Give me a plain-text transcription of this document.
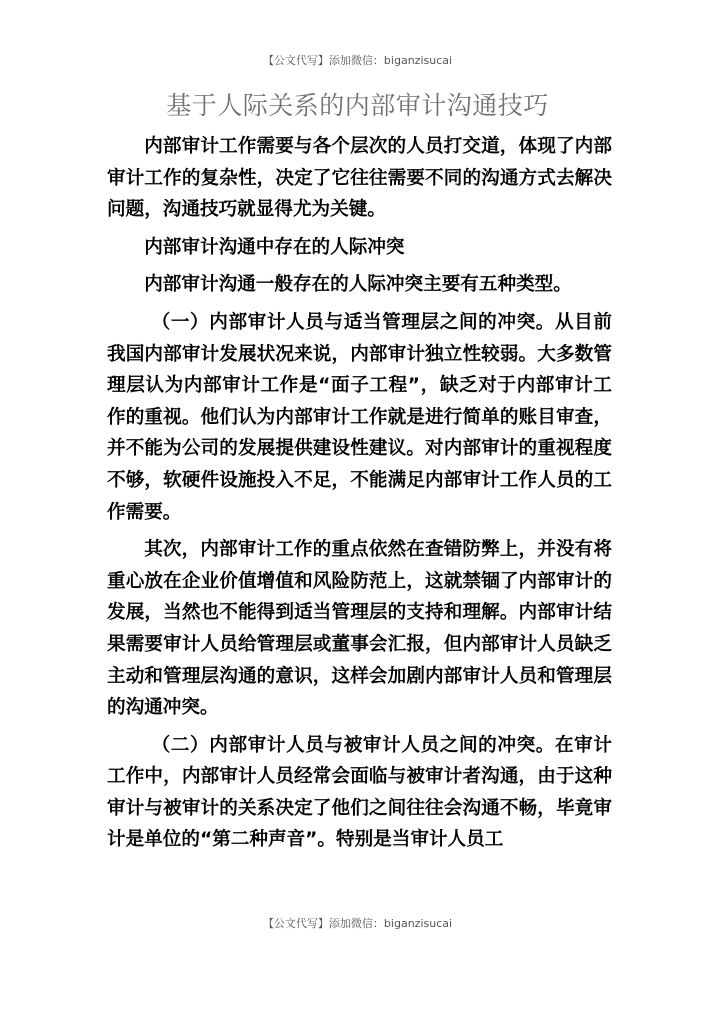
【公文代写】添加微信：biganzisucai
基于人际关系的内部审计沟通技巧

内部审计工作需要与各个层次的人员打交道，体现了内部审计工作的复杂性，决定了它往往需要不同的沟通方式去解决问题，沟通技巧就显得尤为关键。

内部审计沟通中存在的人际冲突

内部审计沟通一般存在的人际冲突主要有五种类型。

（一）内部审计人员与适当管理层之间的冲突。从目前我国内部审计发展状况来说，内部审计独立性较弱。大多数管理层认为内部审计工作是“面子工程”，缺乏对于内部审计工作的重视。他们认为内部审计工作就是进行简单的账目审查，并不能为公司的发展提供建设性建议。对内部审计的重视程度不够，软硬件设施投入不足，不能满足内部审计工作人员的工作需要。

其次，内部审计工作的重点依然在查错防弊上，并没有将重心放在企业价值增值和风险防范上，这就禁锢了内部审计的发展，当然也不能得到适当管理层的支持和理解。内部审计结果需要审计人员给管理层或董事会汇报，但内部审计人员缺乏主动和管理层沟通的意识，这样会加剧内部审计人员和管理层的沟通冲突。

（二）内部审计人员与被审计人员之间的冲突。在审计工作中，内部审计人员经常会面临与被审计者沟通，由于这种审计与被审计的关系决定了他们之间往往会沟通不畅，毕竟审计是单位的“第二种声音”。特别是当审计人员工

【公文代写】添加微信：biganzisucai
